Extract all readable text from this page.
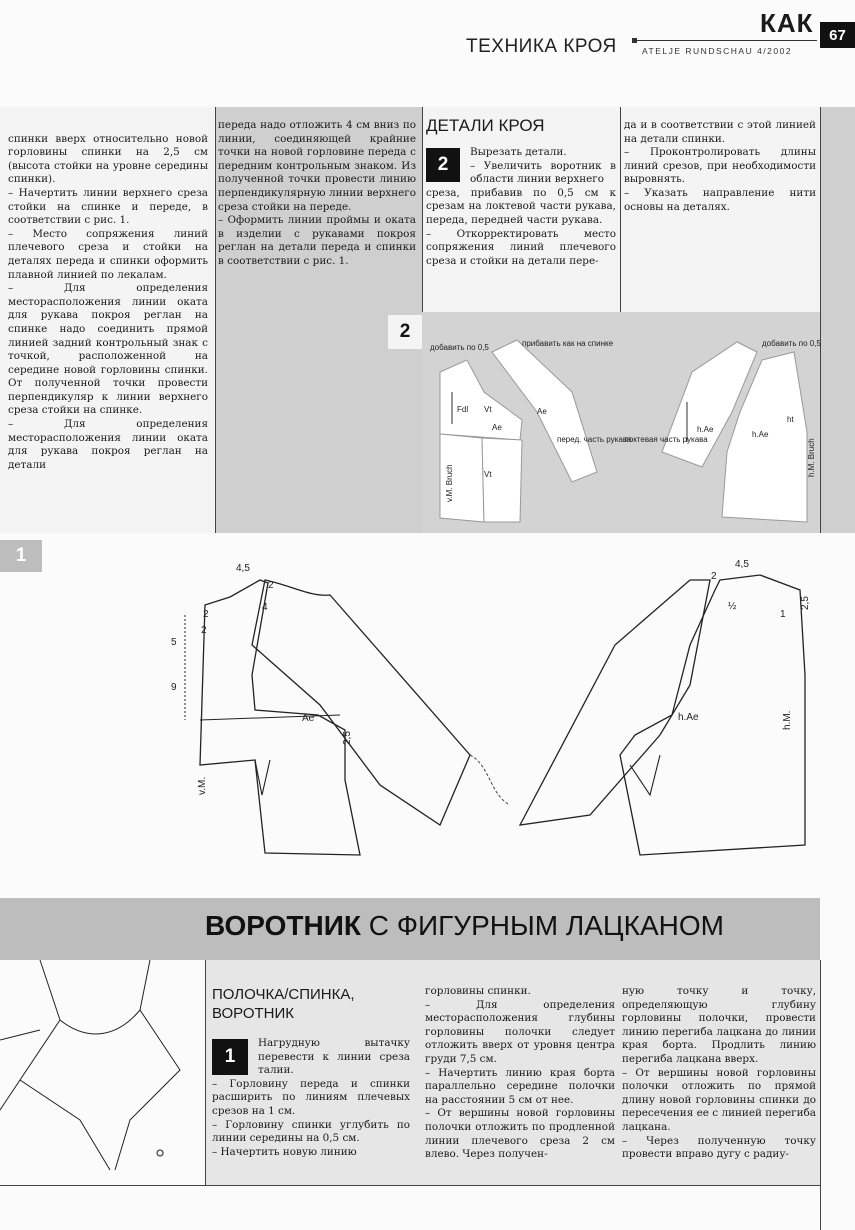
КАК	67
ТЕХНИКА КРОЯ	ATELJE RUNDSCHAU 4/2002

спинки вверх относительно новой горловины спинки на 2,5 см (высота стойки на уровне середины спинки).
– Начертить линии верхнего среза стойки на спинке и переде, в соответствии с рис. 1.
– Место сопряжения линий плечевого среза и стойки на деталях переда и спинки оформить плавной линией по лекалам.
– Для определения месторасположения линии оката для рукава покроя реглан на спинке надо соединить прямой линией задний контрольный знак с точкой, расположенной на середине новой горловины спинки. От полученной точки провести перпендикуляр к линии верхнего среза стойки на спинке.
– Для определения месторасположения линии оката для рукава покроя реглан на детали

переда надо отложить 4 см вниз по линии, соединяющей крайние точки на новой горловине переда с передним контрольным знаком. Из полученной точки провести линию перпендикулярную линии верхнего среза стойки на переде.
– Оформить линии проймы и оката в изделии с рукавами покроя реглан на детали переда и спинки в соответствии с рис. 1.

ДЕТАЛИ КРОЯ
2

Вырезать детали.
– Увеличить воротник в области линии верхнего

среза, прибавив по 0,5 см к срезам на локтевой части рукава, переда, передней части рукава.
– Откорректировать место сопряжения линий плечевого среза и стойки на детали пере-

да и в соответствии с этой линией на детали спинки.
– Проконтролировать длины линий срезов, при необходимости выровнять.
– Указать направление нити основы на деталях.

2
добавить по 0,5	прибавить как на спинке	добавить по 0,5
Vt
Ae
Ae
Fdl
перед. часть рукава
локтевая часть рукава
h.Ae
h.Ae
ht
v.M. Bruch
h.M. Bruch
Vt
1
4,5
2
4
2
2
5
9
Ae
2,5
v.M.
4,5
2
½
1
2,5
h.Ae	h.M.
ВОРОТНИК С ФИГУРНЫМ ЛАЦКАНОМ
ПОЛОЧКА/СПИНКА, ВОРОТНИК
1

Нагрудную вытачку перевести к линии среза талии.

– Горловину переда и спинки расширить по линиям плечевых срезов на 1 см.
– Горловину спинки углубить по линии середины на 0,5 см.
– Начертить новую линию

горловины спинки.
– Для определения месторасположения глубины горловины полочки следует отложить вверх от уровня центра груди 7,5 см.
– Начертить линию края борта параллельно середине полочки на расстоянии 5 см от нее.
– От вершины новой горловины полочки отложить по продленной линии плечевого среза 2 см влево. Через получен-

ную точку и точку, определяющую глубину горловины полочки, провести линию перегиба лацкана до линии края борта. Продлить линию перегиба лацкана вверх.
– От вершины новой горловины полочки отложить по прямой длину новой горловины спинки до пересечения ее с линией перегиба лацкана.
– Через полученную точку провести вправо дугу с радиу-
